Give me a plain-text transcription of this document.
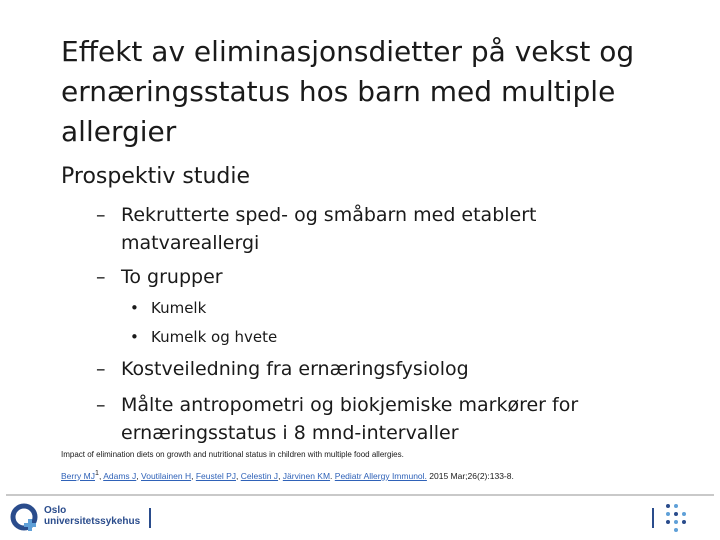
Effekt av eliminasjonsdietter på vekst og ernæringsstatus hos barn med multiple allergier

Prospektiv studie

– Rekrutterte sped- og småbarn med etablert matvareallergi
– To grupper
• Kumelk
• Kumelk og hvete
– Kostveiledning fra ernæringsfysiolog
– Målte antropometri og biokjemiske markører for ernæringsstatus i 8 mnd-intervaller
Impact of elimination diets on growth and nutritional status in children with multiple food allergies.
Berry $MJ^1$, Adams J, Voutilainen H, Feustel PJ, Celestin J, Järvinen KM. Pediatr Allergy Immunol. 2015 Mar;26(2):133-8.
Oslo
universitetssykehus
